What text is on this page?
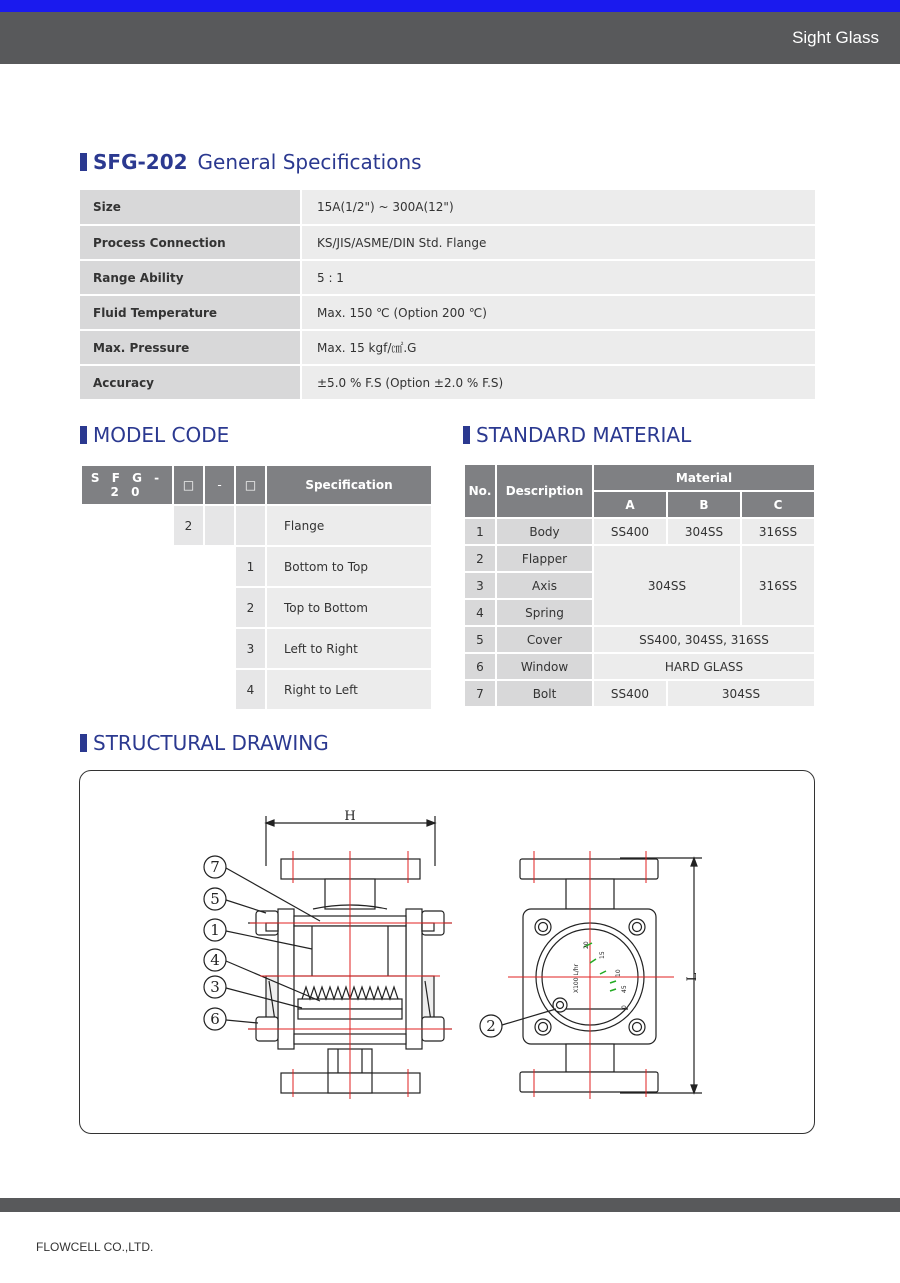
Sight Glass
SFG-202 General Specifications
Size	15A(1/2") ~ 300A(12")
Process Connection	KS/JIS/ASME/DIN Std. Flange
Range Ability	5 : 1
Fluid Temperature	Max. 150 ℃ (Option 200 ℃)
Max. Pressure	Max. 15 kgf/㎠.G
Accuracy	±5.0 % F.S (Option ±2.0 % F.S)
MODEL CODE
S F G - 2 0	□	-	□	Specification
	2			Flange
			1	Bottom to Top
			2	Top to Bottom
			3	Left to Right
			4	Right to Left
STANDARD MATERIAL
No.	Description	Material		
		A	B	C
1	Body	SS400	304SS	316SS
2	Flapper	304SS		316SS
3	Axis			
4	Spring			
5	Cover	SS400, 304SS, 316SS		
6	Window	HARD GLASS		
7	Bolt	SS400	304SS	
STRUCTURAL DRAWING
H
L
7
5
1
4
3
6	2
X100 L/hr
20
15
10
45
0
FLOWCELL CO.,LTD.
